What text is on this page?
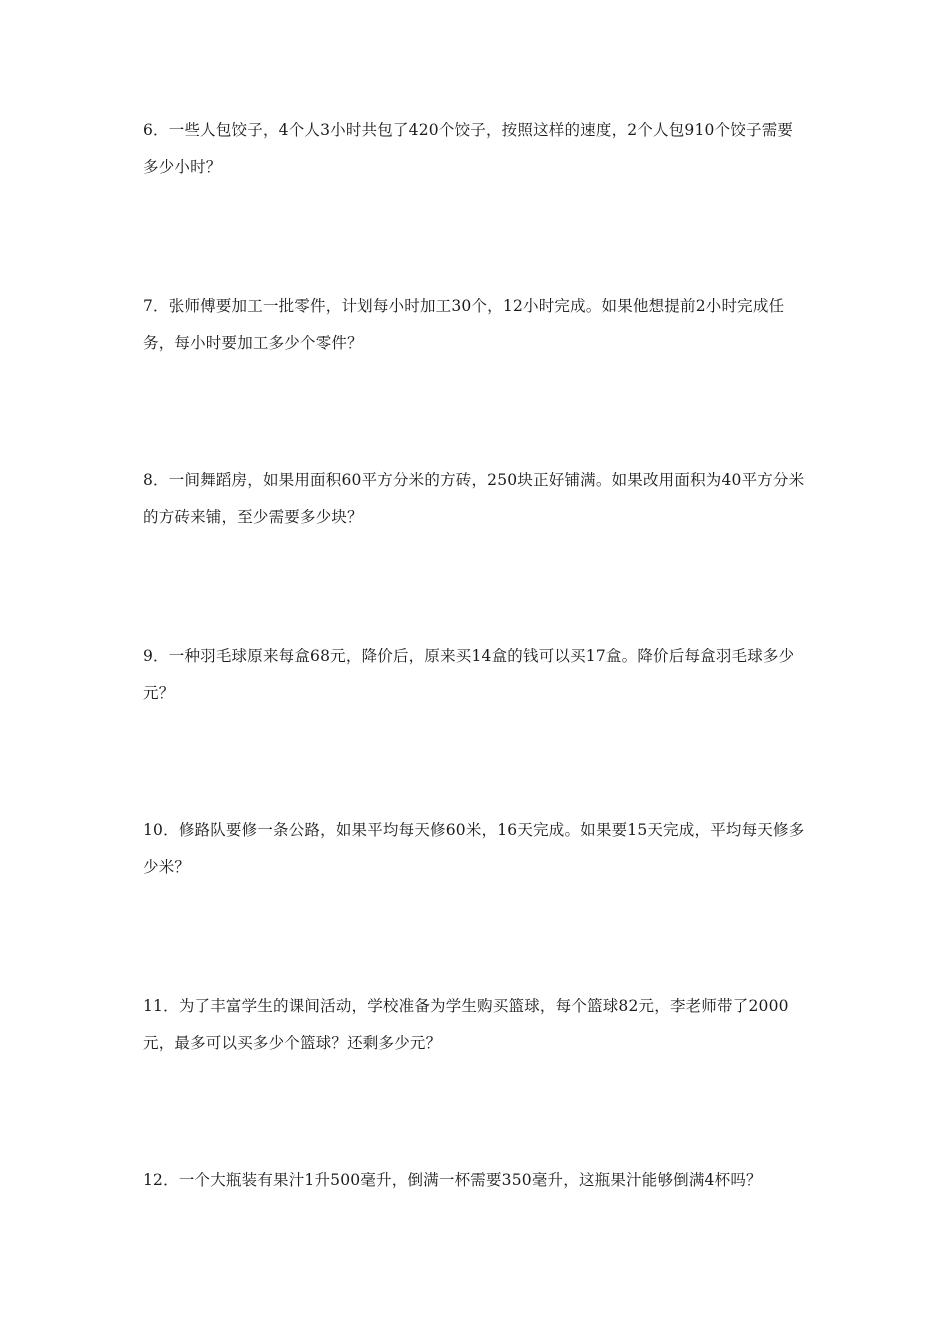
6．一些人包饺子，4个人3小时共包了420个饺子，按照这样的速度，2个人包910个饺子需要多少小时？

7．张师傅要加工一批零件，计划每小时加工30个，12小时完成。如果他想提前2小时完成任务，每小时要加工多少个零件？

8．一间舞蹈房，如果用面积60平方分米的方砖，250块正好铺满。如果改用面积为40平方分米的方砖来铺，至少需要多少块？

9．一种羽毛球原来每盒68元，降价后，原来买14盒的钱可以买17盒。降价后每盒羽毛球多少元？

10．修路队要修一条公路，如果平均每天修60米，16天完成。如果要15天完成，平均每天修多少米？

11．为了丰富学生的课间活动，学校准备为学生购买篮球，每个篮球82元，李老师带了2000元，最多可以买多少个篮球？还剩多少元？

12．一个大瓶装有果汁1升500毫升，倒满一杯需要350毫升，这瓶果汁能够倒满4杯吗？
